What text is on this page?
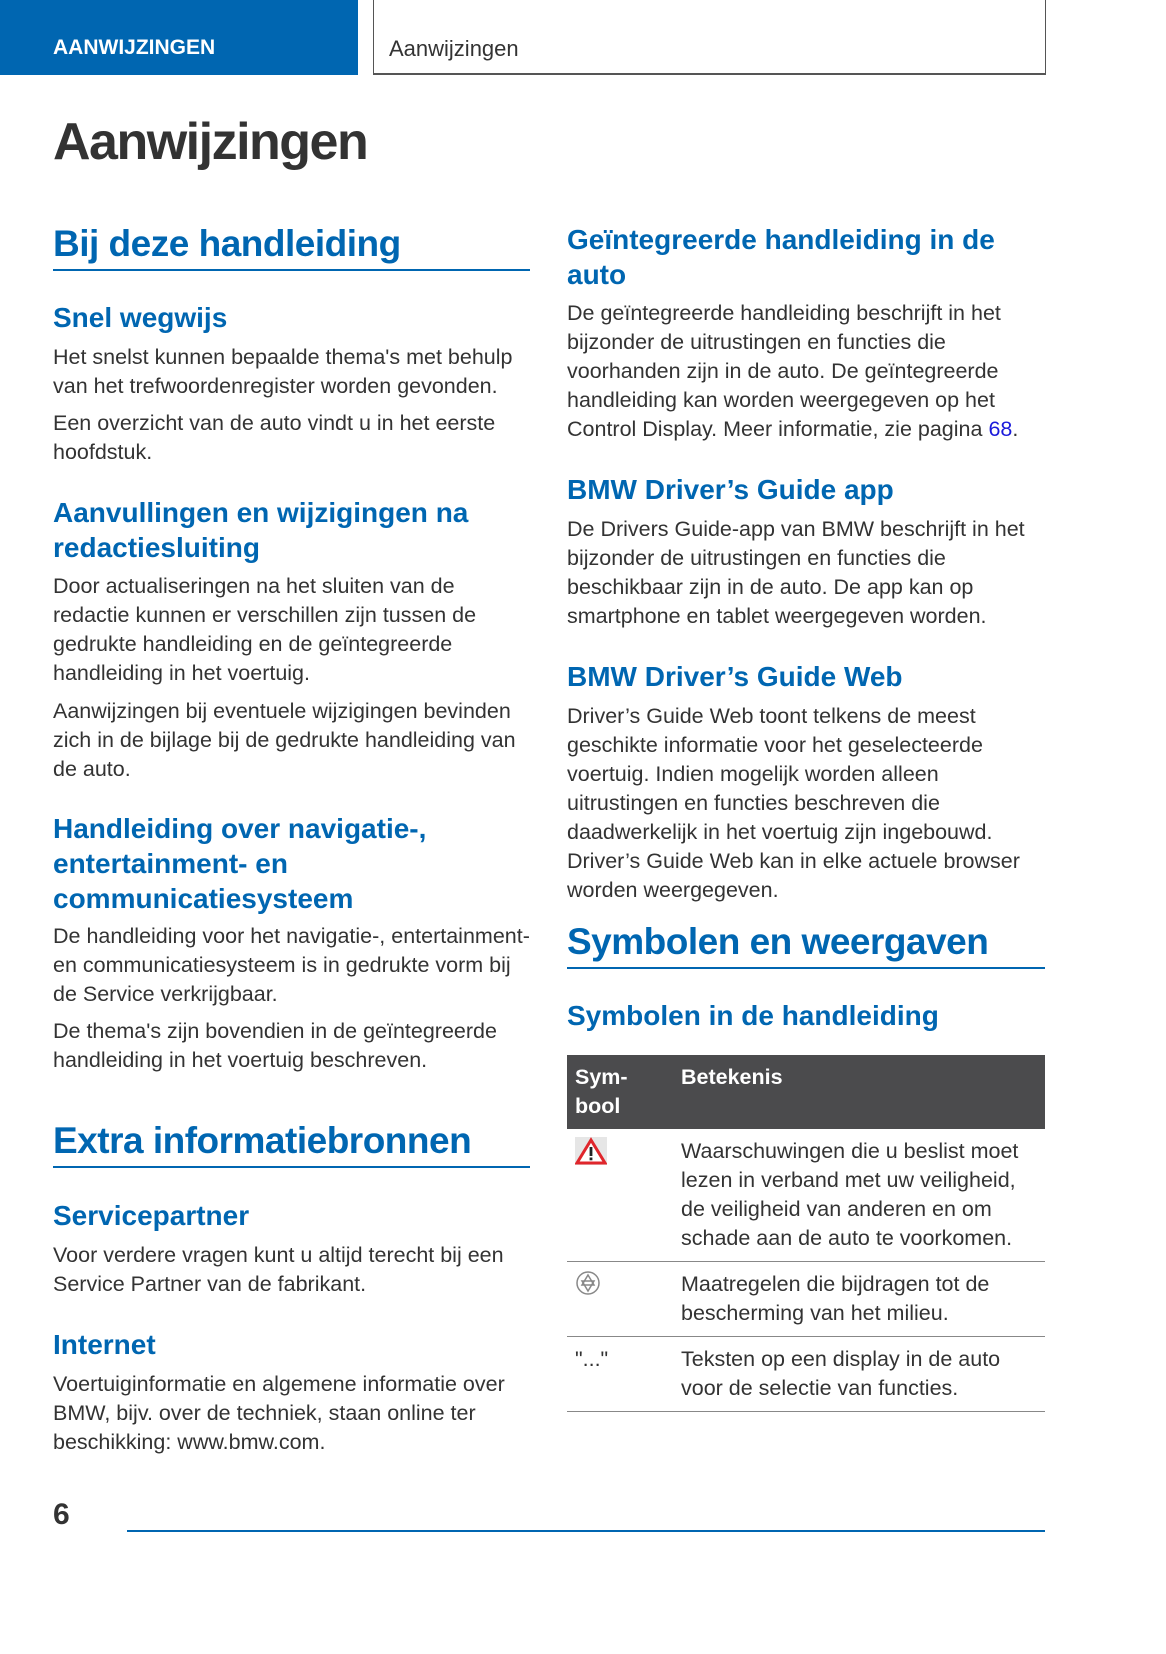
AANWIJZINGEN	Aanwijzingen
Aanwijzingen
Bij deze handleiding
Snel wegwijs

Het snelst kunnen bepaalde thema's met behulp van het trefwoordenregister worden gevonden.

Een overzicht van de auto vindt u in het eerste hoofdstuk.

Aanvullingen en wijzigingen na redactiesluiting

Door actualiseringen na het sluiten van de redactie kunnen er verschillen zijn tussen de gedrukte handleiding en de geïntegreerde handleiding in het voertuig.

Aanwijzingen bij eventuele wijzigingen bevinden zich in de bijlage bij de gedrukte handleiding van de auto.

Handleiding over navigatie-, entertainment- en communicatiesysteem

De handleiding voor het navigatie-, entertainment- en communicatiesysteem is in gedrukte vorm bij de Service verkrijgbaar.

De thema's zijn bovendien in de geïntegreerde handleiding in het voertuig beschreven.

Extra informatiebronnen
Servicepartner

Voor verdere vragen kunt u altijd terecht bij een Service Partner van de fabrikant.

Internet

Voertuiginformatie en algemene informatie over BMW, bijv. over de techniek, staan online ter beschikking: www.bmw.com.

Geïntegreerde handleiding in de auto

De geïntegreerde handleiding beschrijft in het bijzonder de uitrustingen en functies die voorhanden zijn in de auto. De geïntegreerde handleiding kan worden weergegeven op het Control Display. Meer informatie, zie pagina 68.

BMW Driver’s Guide app

De Drivers Guide-app van BMW beschrijft in het bijzonder de uitrustingen en functies die beschikbaar zijn in de auto. De app kan op smartphone en tablet weergegeven worden.

BMW Driver’s Guide Web

Driver’s Guide Web toont telkens de meest geschikte informatie voor het geselecteerde voertuig. Indien mogelijk worden alleen uitrustingen en functies beschreven die daadwerkelijk in het voertuig zijn ingebouwd. Driver’s Guide Web kan in elke actuele browser worden weergegeven.

Symbolen en weergaven
Symbolen in de handleiding
Sym-bool	Betekenis
	Waarschuwingen die u beslist moet lezen in verband met uw veiligheid, de veiligheid van anderen en om schade aan de auto te voorkomen.
	Maatregelen die bijdragen tot de bescherming van het milieu.
"..."	Teksten op een display in de auto voor de selectie van functies.
6
